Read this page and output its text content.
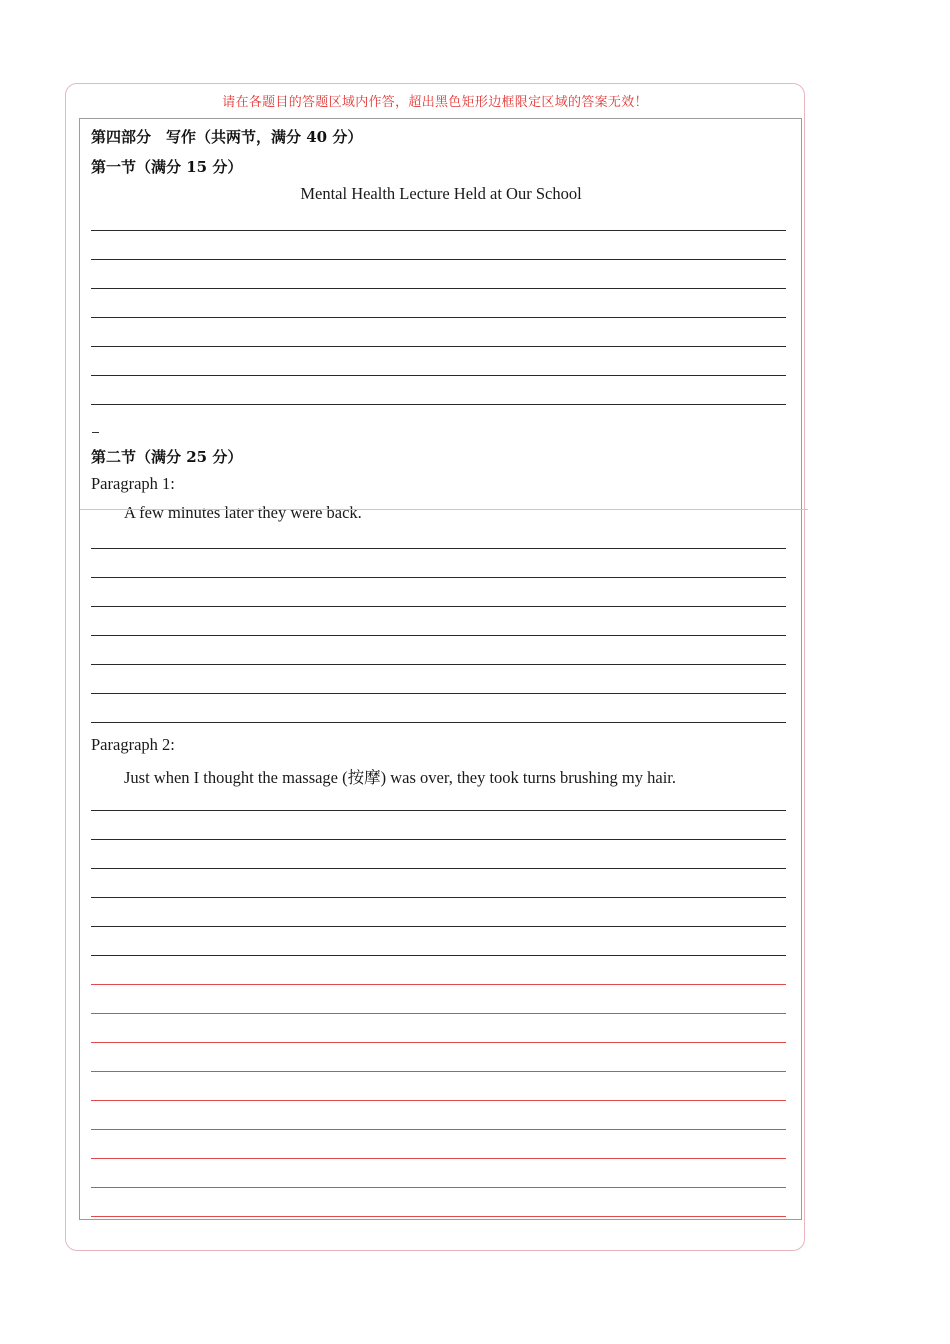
请在各题目的答题区域内作答，超出黑色矩形边框限定区域的答案无效！

第四部分　写作（共两节，满分 40 分）

第一节（满分 15 分）

Mental Health Lecture Held at Our School

第二节（满分 25 分）

Paragraph 1:

A few minutes later they were back.

Paragraph 2:

Just when I thought the massage (按摩) was over, they took turns brushing my hair.
